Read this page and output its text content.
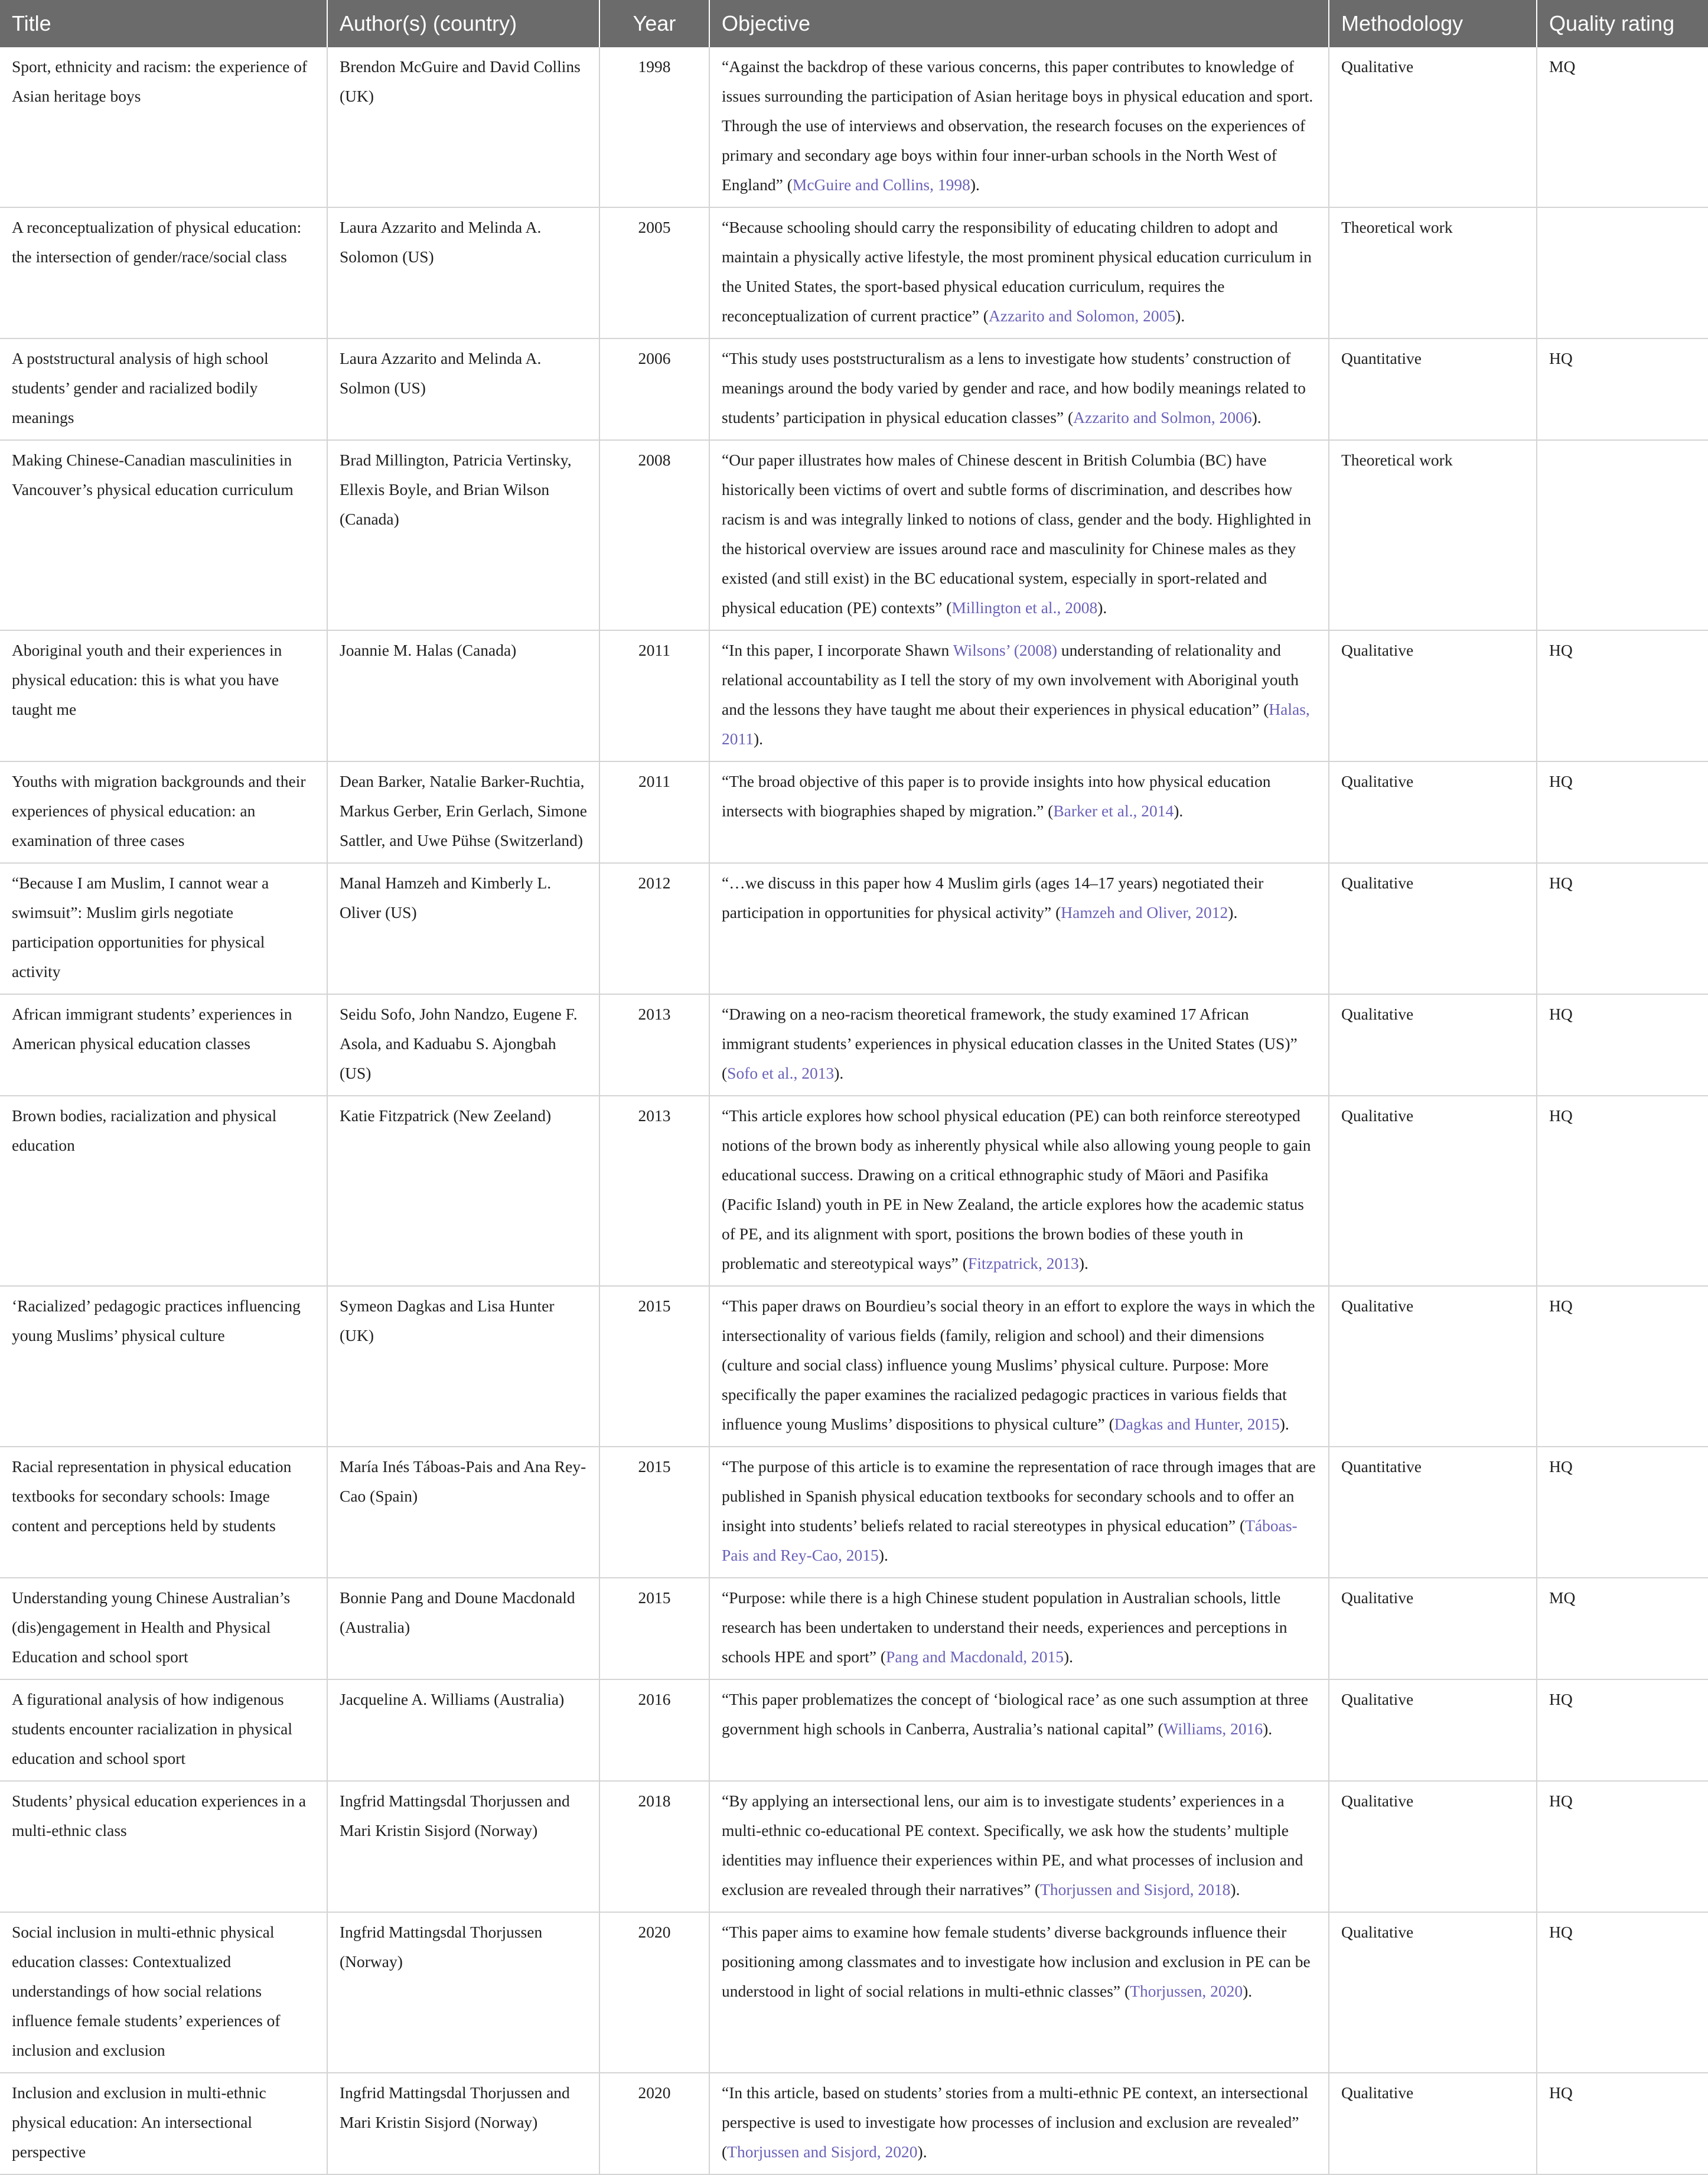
Title	Author(s) (country)	Year	Objective	Methodology	Quality rating
Sport, ethnicity and racism: the experience of Asian heritage boys	Brendon McGuire and David Collins (UK)	1998	“Against the backdrop of these various concerns, this paper contributes to knowledge of issues surrounding the participation of Asian heritage boys in physical education and sport. Through the use of interviews and observation, the research focuses on the experiences of primary and secondary age boys within four inner-urban schools in the North West of England” (McGuire and Collins, 1998).	Qualitative	MQ
A reconceptualization of physical education: the intersection of gender/race/social class	Laura Azzarito and Melinda A. Solomon (US)	2005	“Because schooling should carry the responsibility of educating children to adopt and maintain a physically active lifestyle, the most prominent physical education curriculum in the United States, the sport-based physical education curriculum, requires the reconceptualization of current practice” (Azzarito and Solomon, 2005).	Theoretical work	
A poststructural analysis of high school students’ gender and racialized bodily meanings	Laura Azzarito and Melinda A. Solmon (US)	2006	“This study uses poststructuralism as a lens to investigate how students’ construction of meanings around the body varied by gender and race, and how bodily meanings related to students’ participation in physical education classes” (Azzarito and Solmon, 2006).	Quantitative	HQ
Making Chinese-Canadian masculinities in Vancouver’s physical education curriculum	Brad Millington, Patricia Vertinsky, Ellexis Boyle, and Brian Wilson (Canada)	2008	“Our paper illustrates how males of Chinese descent in British Columbia (BC) have historically been victims of overt and subtle forms of discrimination, and describes how racism is and was integrally linked to notions of class, gender and the body. Highlighted in the historical overview are issues around race and masculinity for Chinese males as they existed (and still exist) in the BC educational system, especially in sport-related and physical education (PE) contexts” (Millington et al., 2008).	Theoretical work	
Aboriginal youth and their experiences in physical education: this is what you have taught me	Joannie M. Halas (Canada)	2011	“In this paper, I incorporate Shawn Wilsons’ (2008) understanding of relationality and relational accountability as I tell the story of my own involvement with Aboriginal youth and the lessons they have taught me about their experiences in physical education” (Halas, 2011).	Qualitative	HQ
Youths with migration backgrounds and their experiences of physical education: an examination of three cases	Dean Barker, Natalie Barker-Ruchtia, Markus Gerber, Erin Gerlach, Simone Sattler, and Uwe Pühse (Switzerland)	2011	“The broad objective of this paper is to provide insights into how physical education intersects with biographies shaped by migration.” (Barker et al., 2014).	Qualitative	HQ
“Because I am Muslim, I cannot wear a swimsuit”: Muslim girls negotiate participation opportunities for physical activity	Manal Hamzeh and Kimberly L. Oliver (US)	2012	“…we discuss in this paper how 4 Muslim girls (ages 14–17 years) negotiated their participation in opportunities for physical activity” (Hamzeh and Oliver, 2012).	Qualitative	HQ
African immigrant students’ experiences in American physical education classes	Seidu Sofo, John Nandzo, Eugene F. Asola, and Kaduabu S. Ajongbah (US)	2013	“Drawing on a neo-racism theoretical framework, the study examined 17 African immigrant students’ experiences in physical education classes in the United States (US)” (Sofo et al., 2013).	Qualitative	HQ
Brown bodies, racialization and physical education	Katie Fitzpatrick (New Zeeland)	2013	“This article explores how school physical education (PE) can both reinforce stereotyped notions of the brown body as inherently physical while also allowing young people to gain educational success. Drawing on a critical ethnographic study of Māori and Pasifika (Pacific Island) youth in PE in New Zealand, the article explores how the academic status of PE, and its alignment with sport, positions the brown bodies of these youth in problematic and stereotypical ways” (Fitzpatrick, 2013).	Qualitative	HQ
‘Racialized’ pedagogic practices influencing young Muslims’ physical culture	Symeon Dagkas and Lisa Hunter (UK)	2015	“This paper draws on Bourdieu’s social theory in an effort to explore the ways in which the intersectionality of various fields (family, religion and school) and their dimensions (culture and social class) influence young Muslims’ physical culture. Purpose: More specifically the paper examines the racialized pedagogic practices in various fields that influence young Muslims’ dispositions to physical culture” (Dagkas and Hunter, 2015).	Qualitative	HQ
Racial representation in physical education textbooks for secondary schools: Image content and perceptions held by students	María Inés Táboas-Pais and Ana Rey-Cao (Spain)	2015	“The purpose of this article is to examine the representation of race through images that are published in Spanish physical education textbooks for secondary schools and to offer an insight into students’ beliefs related to racial stereotypes in physical education” (Táboas-Pais and Rey-Cao, 2015).	Quantitative	HQ
Understanding young Chinese Australian’s (dis)engagement in Health and Physical Education and school sport	Bonnie Pang and Doune Macdonald (Australia)	2015	“Purpose: while there is a high Chinese student population in Australian schools, little research has been undertaken to understand their needs, experiences and perceptions in schools HPE and sport” (Pang and Macdonald, 2015).	Qualitative	MQ
A figurational analysis of how indigenous students encounter racialization in physical education and school sport	Jacqueline A. Williams (Australia)	2016	“This paper problematizes the concept of ‘biological race’ as one such assumption at three government high schools in Canberra, Australia’s national capital” (Williams, 2016).	Qualitative	HQ
Students’ physical education experiences in a multi-ethnic class	Ingfrid Mattingsdal Thorjussen and Mari Kristin Sisjord (Norway)	2018	“By applying an intersectional lens, our aim is to investigate students’ experiences in a multi-ethnic co-educational PE context. Specifically, we ask how the students’ multiple identities may influence their experiences within PE, and what processes of inclusion and exclusion are revealed through their narratives” (Thorjussen and Sisjord, 2018).	Qualitative	HQ
Social inclusion in multi-ethnic physical education classes: Contextualized understandings of how social relations influence female students’ experiences of inclusion and exclusion	Ingfrid Mattingsdal Thorjussen (Norway)	2020	“This paper aims to examine how female students’ diverse backgrounds influence their positioning among classmates and to investigate how inclusion and exclusion in PE can be understood in light of social relations in multi-ethnic classes” (Thorjussen, 2020).	Qualitative	HQ
Inclusion and exclusion in multi-ethnic physical education: An intersectional perspective	Ingfrid Mattingsdal Thorjussen and Mari Kristin Sisjord (Norway)	2020	“In this article, based on students’ stories from a multi-ethnic PE context, an intersectional perspective is used to investigate how processes of inclusion and exclusion are revealed” (Thorjussen and Sisjord, 2020).	Qualitative	HQ
